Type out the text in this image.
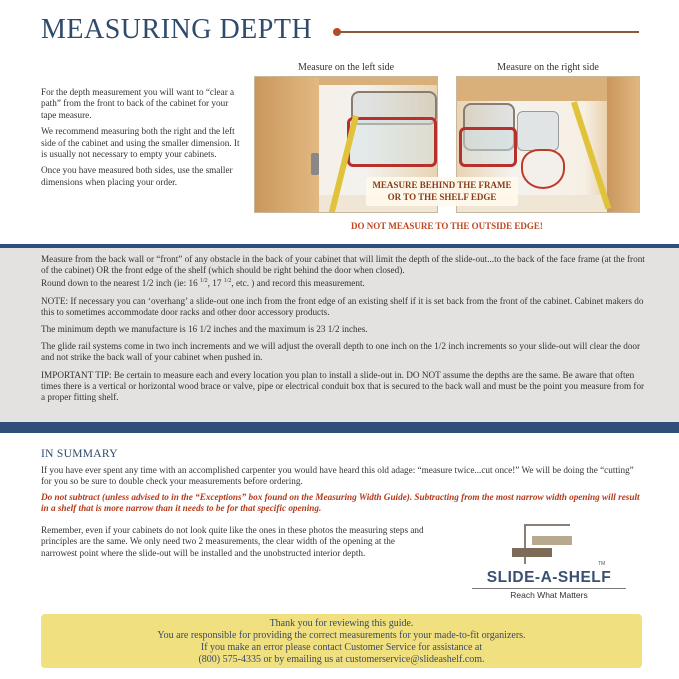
MEASURING DEPTH

For the depth measurement you will want to “clear a path” from the front to back of the cabinet for your tape measure.

We recommend measuring both the right and the left side of the cabinet and using the smaller dimension. It is usually not necessary to empty your cabinets.

Once you have measured both sides, use the smaller dimensions when placing your order.

Measure on the left side	Measure on the right side
MEASURE BEHIND THE FRAME
OR TO THE SHELF EDGE
DO NOT MEASURE TO THE OUTSIDE EDGE!

Measure from the back wall or “front” of any obstacle in the back of your cabinet that will limit the depth of the slide-out...to the back of the face frame (at the front of the cabinet) OR the front edge of the shelf (which should be right behind the door when closed).
Round down to the nearest 1/2 inch (ie: 16 $^{1/2}$, 17 $^{1/2}$, etc. ) and record this measurement.

NOTE: If necessary you can ‘overhang’ a slide-out one inch from the front edge of an existing shelf if it is set back from the front of the cabinet. Cabinet makers do this to sometimes accommodate door racks and other door accessory products.

The minimum depth we manufacture is 16 1/2 inches and the maximum is 23 1/2 inches.

The glide rail systems come in two inch increments and we will adjust the overall depth to one inch on the 1/2 inch increments so your slide-out will clear the door and not strike the back wall of your cabinet when pushed in.

IMPORTANT TIP: Be certain to measure each and every location you plan to install a slide-out in. DO NOT assume the depths are the same. Be aware that often times there is a vertical or horizontal wood brace or valve, pipe or electrical conduit box that is secured to the back wall and must be the point you measure from for a proper fitting shelf.

IN SUMMARY
If you have ever spent any time with an accomplished carpenter you would have heard this old adage: “measure twice...cut once!” We will be doing the “cutting” for you so be sure to double check your measurements before ordering.
Do not subtract (unless advised to in the “Exceptions” box found on the Measuring Width Guide). Subtracting from the most narrow width opening will result in a shelf that is more narrow than it needs to be for that specific opening.
Remember, even if your cabinets do not look quite like the ones in these photos the measuring steps and principles are the same. We only need two 2 measurements, the clear width of the opening at the narrowest point where the slide-out will be installed and the unobstructed interior depth.
TM
SLIDE-A-SHELF
Reach What Matters
Thank you for reviewing this guide.
You are responsible for providing the correct measurements for your made-to-fit organizers.
If you make an error please contact Customer Service for assistance at
(800) 575-4335 or by emailing us at customerservice@slideashelf.com.
